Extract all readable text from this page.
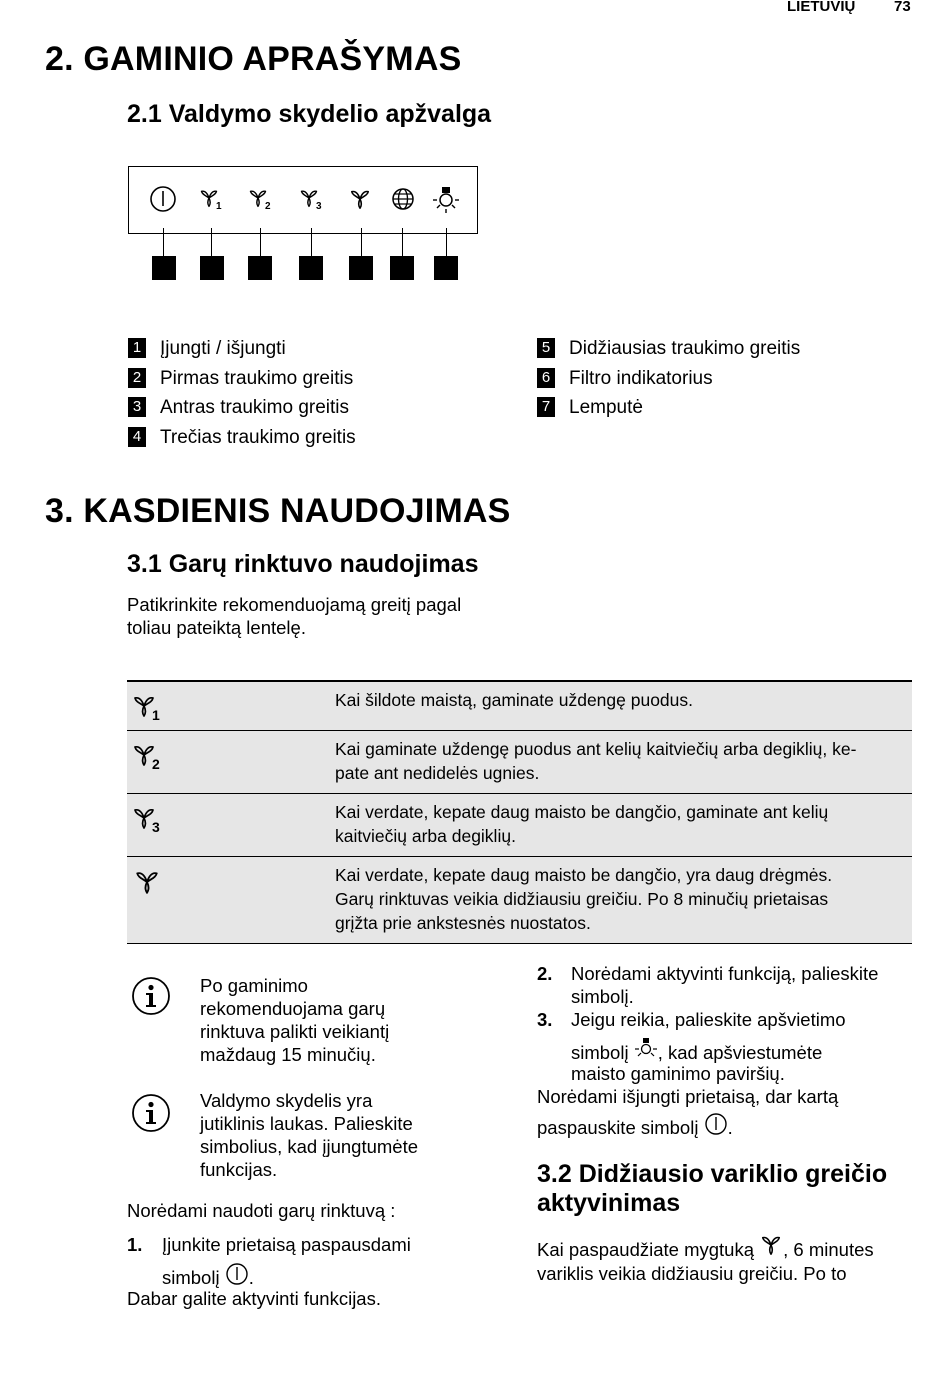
LIETUVIŲ	73
2. GAMINIO APRAŠYMAS
2.1 Valdymo skydelio apžvalga
1	2	3
1 Įjungti / išjungti
2 Pirmas traukimo greitis
3 Antras traukimo greitis
4 Trečias traukimo greitis
5 Didžiausias traukimo greitis
6 Filtro indikatorius
7 Lemputė
3. KASDIENIS NAUDOJIMAS
3.1 Garų rinktuvo naudojimas
Patikrinkite rekomenduojamą greitį pagal
toliau pateiktą lentelę.
1	Kai šildote maistą, gaminate uždengę puodus.

2	Kai gaminate uždengę puodus ant kelių kaitviečių arba degiklių, ke-
pate ant nedidelės ugnies.

3	Kai verdate, kepate daug maisto be dangčio, gaminate ant kelių
kaitviečių arba degiklių.

Kai verdate, kepate daug maisto be dangčio, yra daug drėgmės.
Garų rinktuvas veikia didžiausiu greičiu. Po 8 minučių prietaisas
grįžta prie ankstesnės nuostatos.
Po gaminimo
rekomenduojama garų
rinktuva palikti veikiantį
maždaug 15 minučių.
Valdymo skydelis yra
jutiklinis laukas. Palieskite
simbolius, kad įjungtumėte
funkcijas.
Norėdami naudoti garų rinktuvą :
1. Įjunkite prietaisą paspausdami
simbolį .
Dabar galite aktyvinti funkcijas.
2. Norėdami aktyvinti funkciją, palieskite
simbolį.
3. Jeigu reikia, palieskite apšvietimo
simbolį , kad apšviestumėte
maisto gaminimo paviršių.
Norėdami išjungti prietaisą, dar kartą
paspauskite simbolį .
3.2 Didžiausio variklio greičio
aktyvinimas
Kai paspaudžiate mygtuką , 6 minutes
variklis veikia didžiausiu greičiu. Po to
